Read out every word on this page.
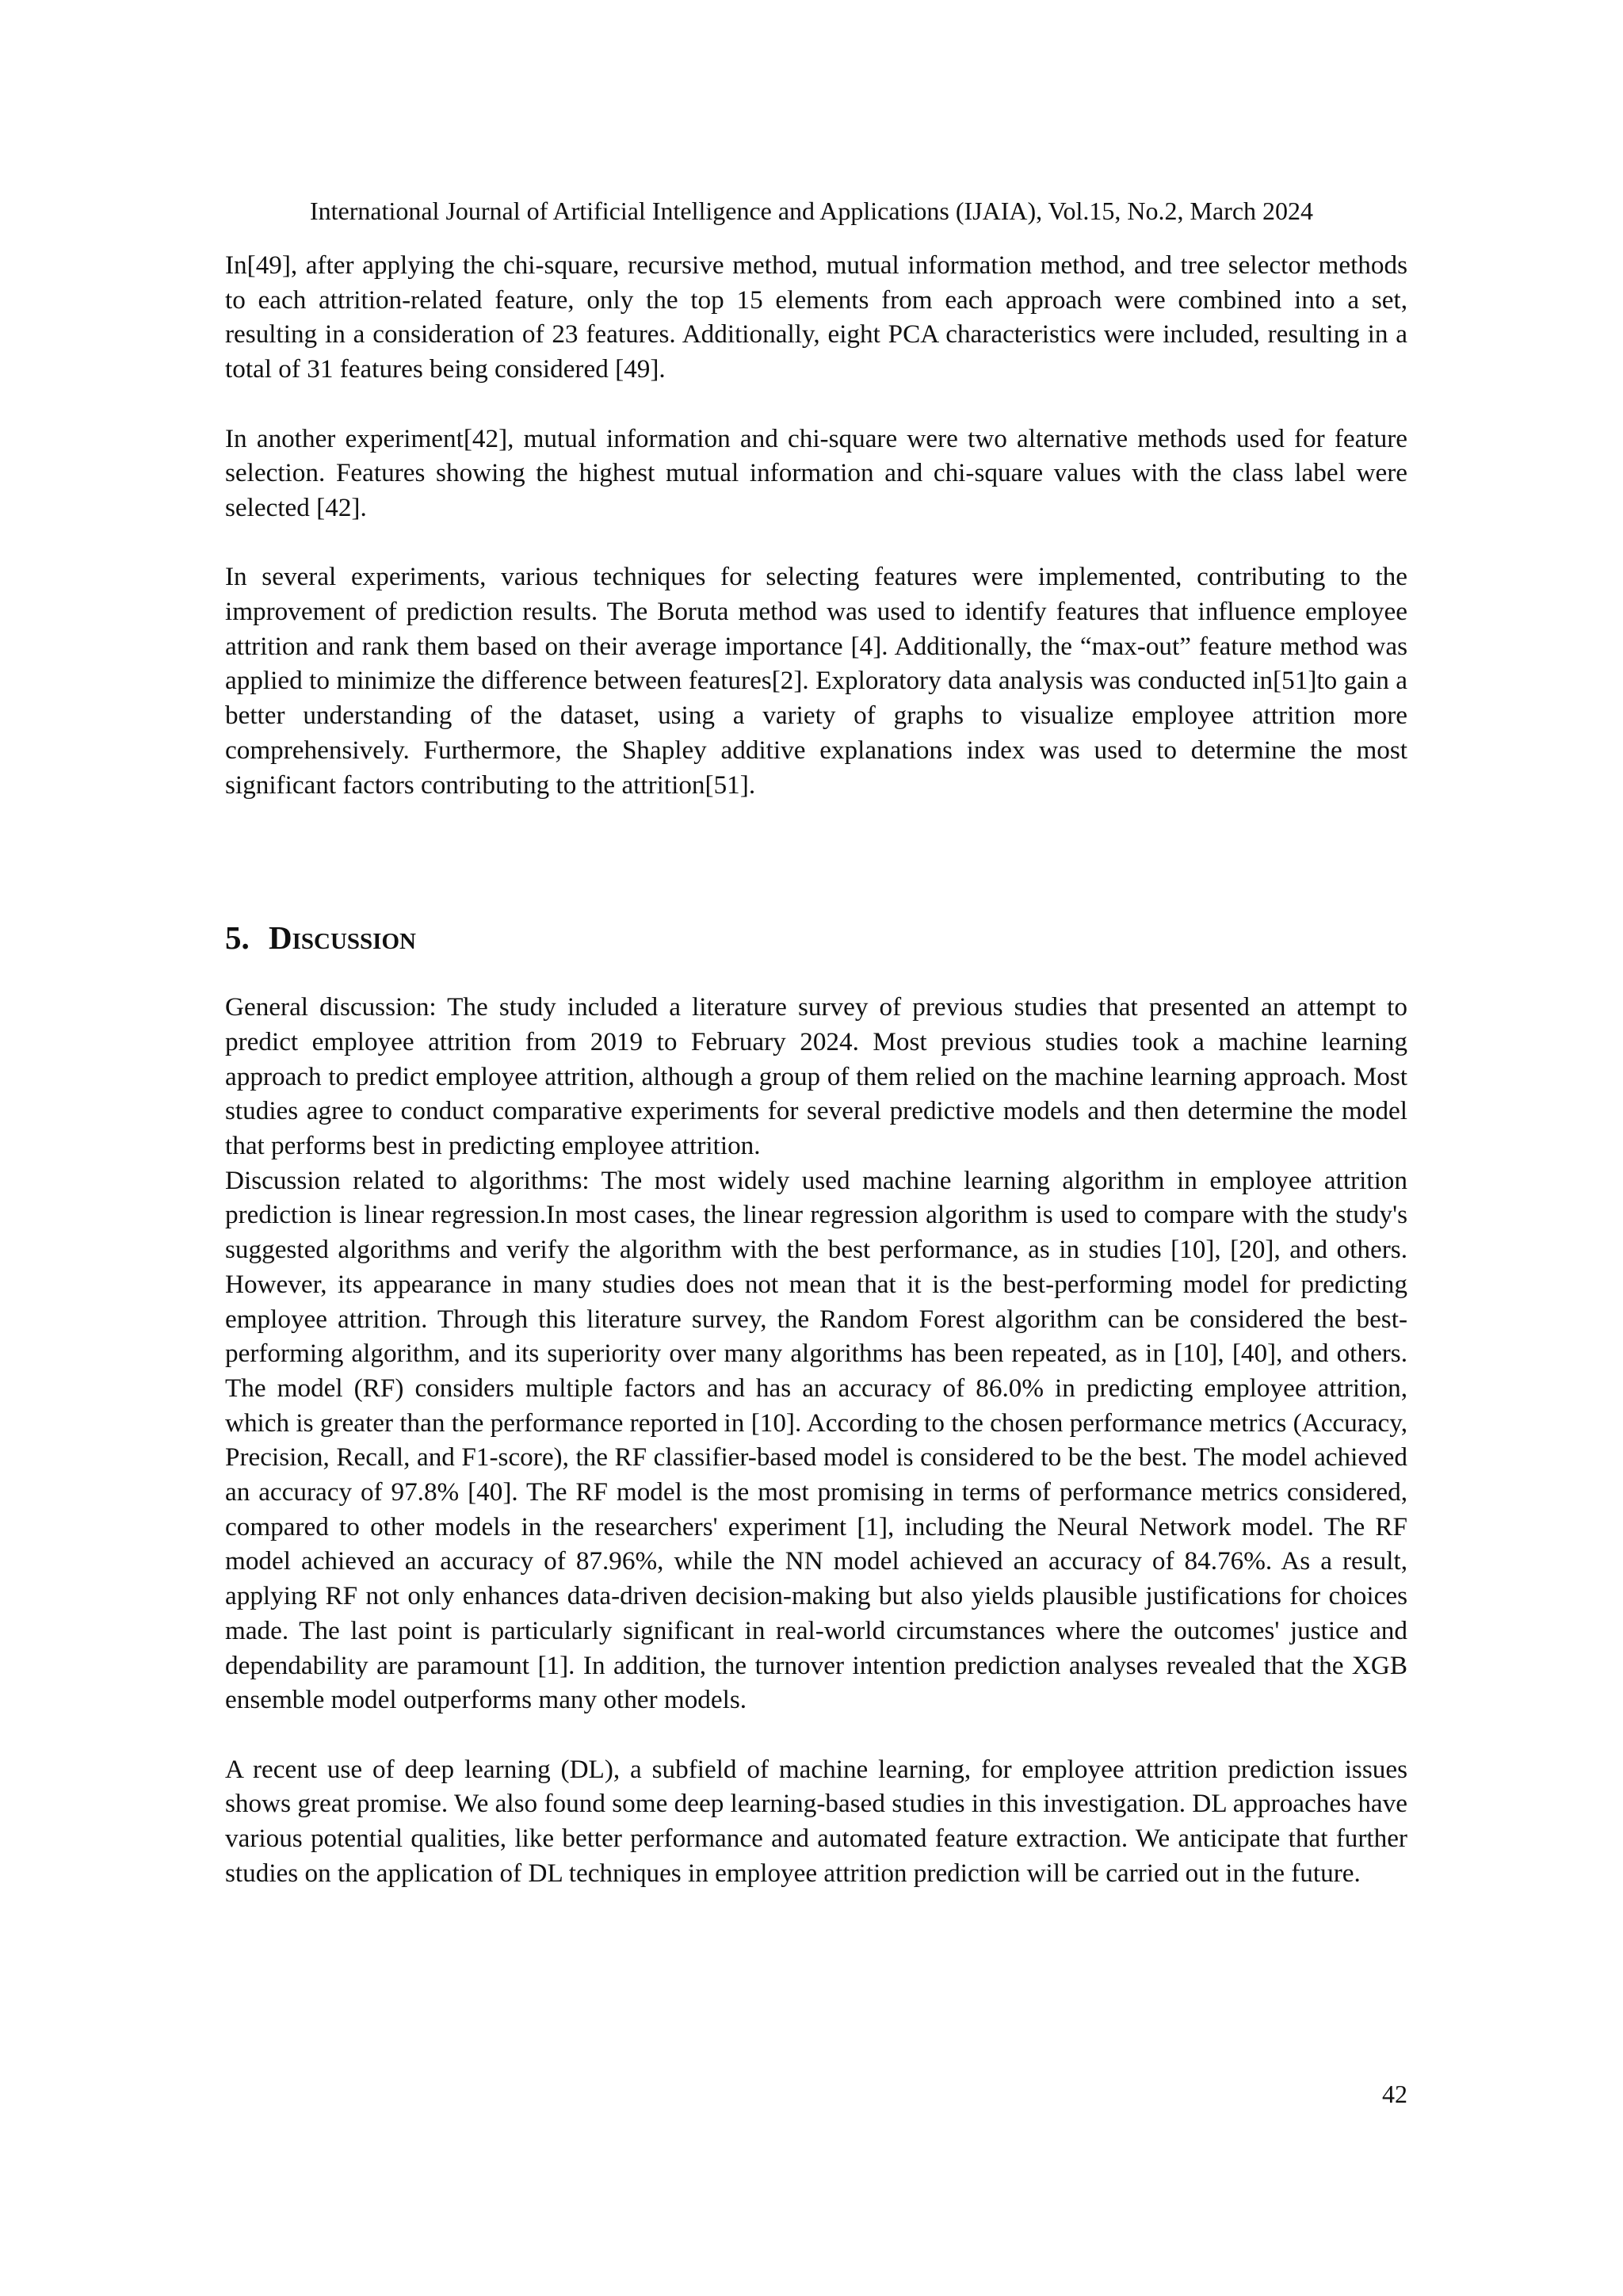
International Journal of Artificial Intelligence and Applications (IJAIA), Vol.15, No.2, March 2024

In[49], after applying the chi-square, recursive method, mutual information method, and tree selector methods to each attrition-related feature, only the top 15 elements from each approach were combined into a set, resulting in a consideration of 23 features. Additionally, eight PCA characteristics were included, resulting in a total of 31 features being considered [49].

In another experiment[42], mutual information and chi-square were two alternative methods used for feature selection. Features showing the highest mutual information and chi-square values with the class label were selected [42].

In several experiments, various techniques for selecting features were implemented, contributing to the improvement of prediction results. The Boruta method was used to identify features that influence employee attrition and rank them based on their average importance [4]. Additionally, the “max-out” feature method was applied to minimize the difference between features[2]. Exploratory data analysis was conducted in[51]to gain a better understanding of the dataset, using a variety of graphs to visualize employee attrition more comprehensively. Furthermore, the Shapley additive explanations index was used to determine the most significant factors contributing to the attrition[51].

5. Discussion

General discussion: The study included a literature survey of previous studies that presented an attempt to predict employee attrition from 2019 to February 2024. Most previous studies took a machine learning approach to predict employee attrition, although a group of them relied on the machine learning approach. Most studies agree to conduct comparative experiments for several predictive models and then determine the model that performs best in predicting employee attrition.

Discussion related to algorithms: The most widely used machine learning algorithm in employee attrition prediction is linear regression.In most cases, the linear regression algorithm is used to compare with the study's suggested algorithms and verify the algorithm with the best performance, as in studies [10], [20], and others. However, its appearance in many studies does not mean that it is the best-performing model for predicting employee attrition. Through this literature survey, the Random Forest algorithm can be considered the best-performing algorithm, and its superiority over many algorithms has been repeated, as in [10], [40], and others. The model (RF) considers multiple factors and has an accuracy of 86.0% in predicting employee attrition, which is greater than the performance reported in [10]. According to the chosen performance metrics (Accuracy, Precision, Recall, and F1-score), the RF classifier-based model is considered to be the best. The model achieved an accuracy of 97.8% [40]. The RF model is the most promising in terms of performance metrics considered, compared to other models in the researchers' experiment [1], including the Neural Network model. The RF model achieved an accuracy of 87.96%, while the NN model achieved an accuracy of 84.76%. As a result, applying RF not only enhances data-driven decision-making but also yields plausible justifications for choices made. The last point is particularly significant in real-world circumstances where the outcomes' justice and dependability are paramount [1]. In addition, the turnover intention prediction analyses revealed that the XGB ensemble model outperforms many other models.

A recent use of deep learning (DL), a subfield of machine learning, for employee attrition prediction issues shows great promise. We also found some deep learning-based studies in this investigation. DL approaches have various potential qualities, like better performance and automated feature extraction. We anticipate that further studies on the application of DL techniques in employee attrition prediction will be carried out in the future.

42
